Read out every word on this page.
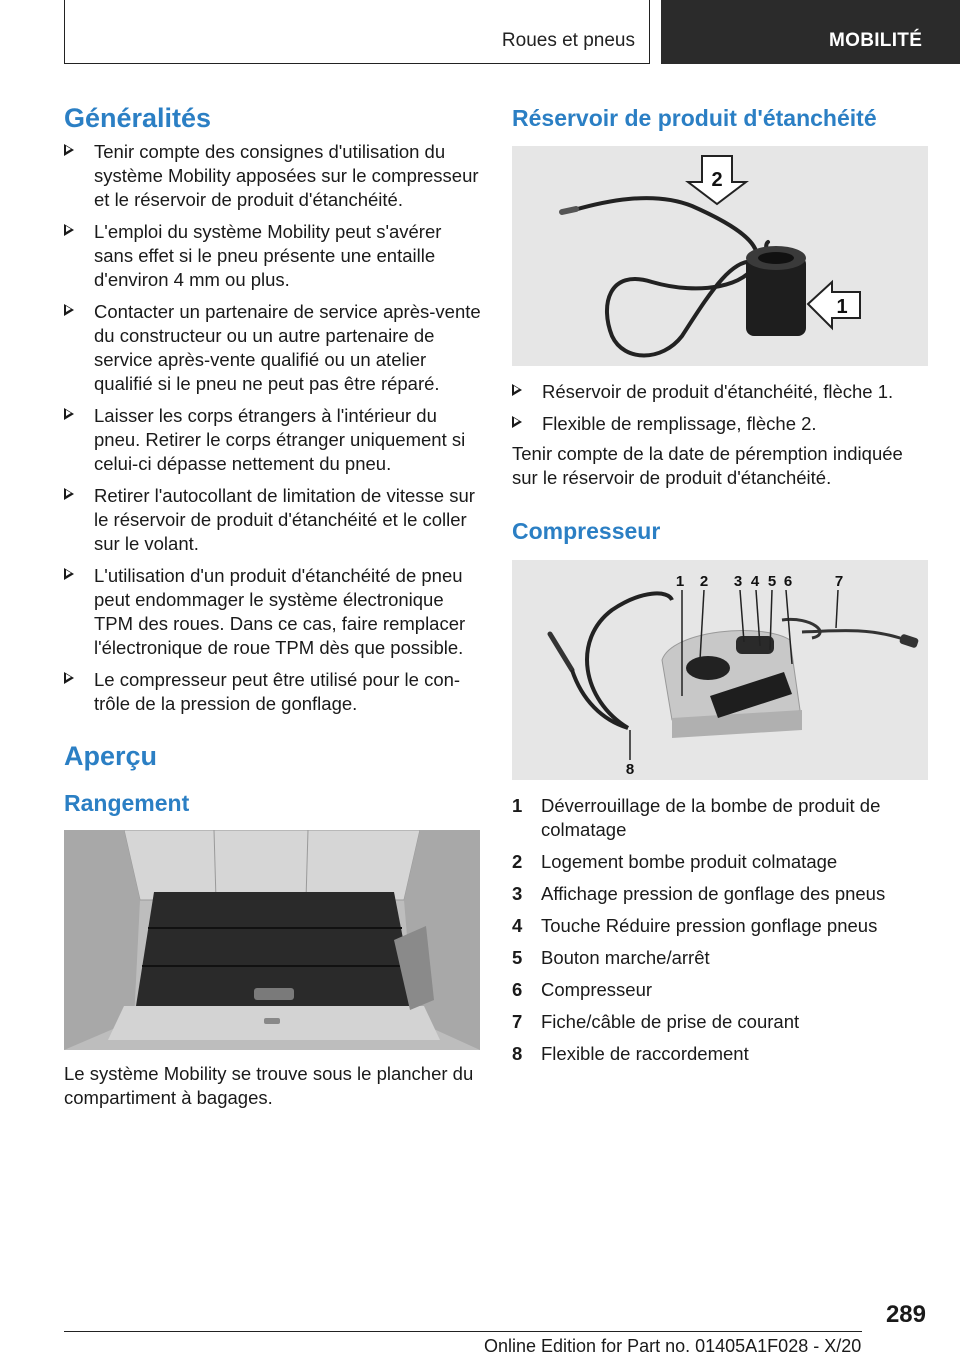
Roues et pneus	MOBILITÉ
Généralités
Tenir compte des consignes d'utilisation du système Mobility apposées sur le compresseur et le réservoir de produit d'étanchéité.
L'emploi du système Mobility peut s'avérer sans effet si le pneu présente une entaille d'environ 4 mm ou plus.
Contacter un partenaire de service après-vente du constructeur ou un autre partenaire de service après-vente qualifié ou un atelier qualifié si le pneu ne peut pas être réparé.
Laisser les corps étrangers à l'intérieur du pneu. Retirer le corps étranger uniquement si celui-ci dépasse nettement du pneu.
Retirer l'autocollant de limitation de vitesse sur le réservoir de produit d'étanchéité et le coller sur le volant.
L'utilisation d'un produit d'étanchéité de pneu peut endommager le système électronique TPM des roues. Dans ce cas, faire remplacer l'électronique de roue TPM dès que possible.
Le compresseur peut être utilisé pour le contrôle de la pression de gonflage.
Aperçu
Rangement

Le système Mobility se trouve sous le plancher du compartiment à bagages.

Réservoir de produit d'étanchéité
2
1
Réservoir de produit d'étanchéité, flèche 1.
Flexible de remplissage, flèche 2.

Tenir compte de la date de péremption indiquée sur le réservoir de produit d'étanchéité.

Compresseur
1 2 3 4 5 6	7
8
1 Déverrouillage de la bombe de produit de colmatage
2 Logement bombe produit colmatage
3 Affichage pression de gonflage des pneus
4 Touche Réduire pression gonflage pneus
5 Bouton marche/arrêt
6 Compresseur
7 Fiche/câble de prise de courant
8 Flexible de raccordement
289
Online Edition for Part no. 01405A1F028 - X/20
